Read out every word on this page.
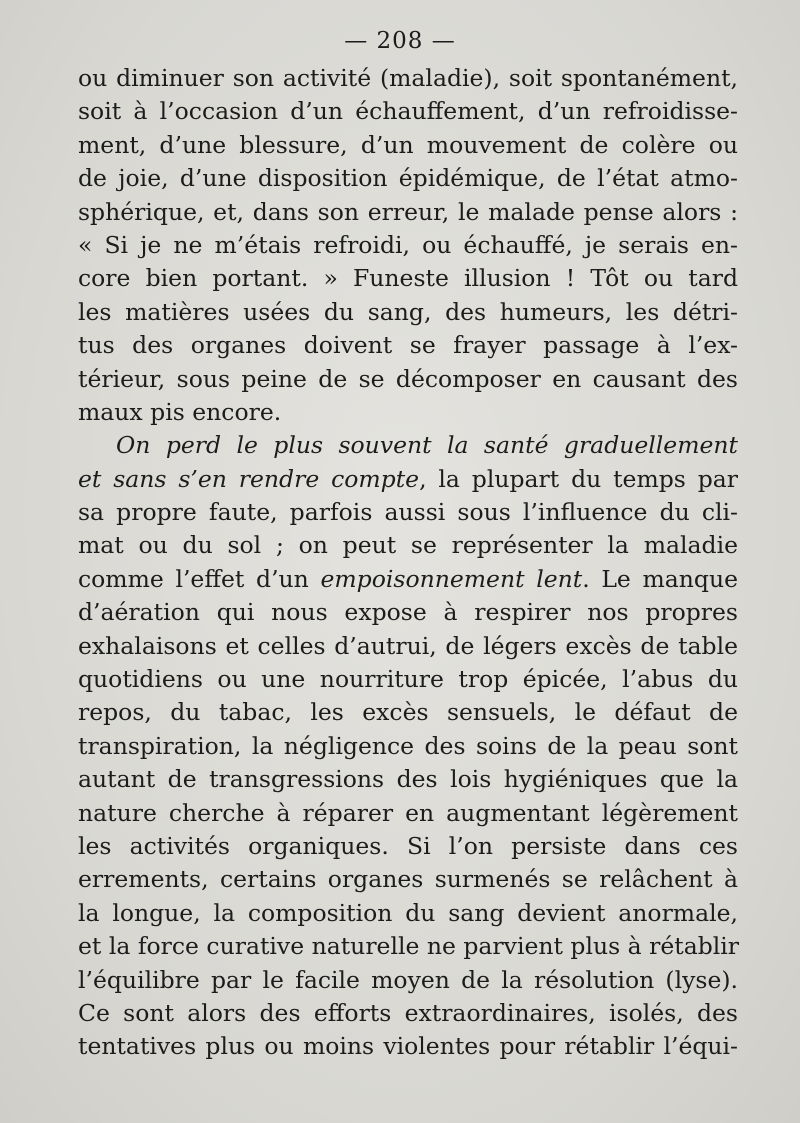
— 208 —
ou diminuer son activité (maladie), soit spontanément,
soit à l’occasion d’un échauffement, d’un refroidisse-
ment, d’une blessure, d’un mouvement de colère ou
de joie, d’une disposition épidémique, de l’état atmo-
sphérique, et, dans son erreur, le malade pense alors :
« Si je ne m’étais refroidi, ou échauffé, je serais en-
core bien portant. » Funeste illusion ! Tôt ou tard
les matières usées du sang, des humeurs, les détri-
tus des organes doivent se frayer passage à l’ex-
térieur, sous peine de se décomposer en causant des
maux pis encore.
On perd le plus souvent la santé graduellement
et sans s’en rendre compte, la plupart du temps par
sa propre faute, parfois aussi sous l’influence du cli-
mat ou du sol ; on peut se représenter la maladie
comme l’effet d’un empoisonnement lent. Le manque
d’aération qui nous expose à respirer nos propres
exhalaisons et celles d’autrui, de légers excès de table
quotidiens ou une nourriture trop épicée, l’abus du
repos, du tabac, les excès sensuels, le défaut de
transpiration, la négligence des soins de la peau sont
autant de transgressions des lois hygiéniques que la
nature cherche à réparer en augmentant légèrement
les activités organiques. Si l’on persiste dans ces
errements, certains organes surmenés se relâchent à
la longue, la composition du sang devient anormale,
et la force curative naturelle ne parvient plus à rétablir
l’équilibre par le facile moyen de la résolution (lyse).
Ce sont alors des efforts extraordinaires, isolés, des
tentatives plus ou moins violentes pour rétablir l’équi-
